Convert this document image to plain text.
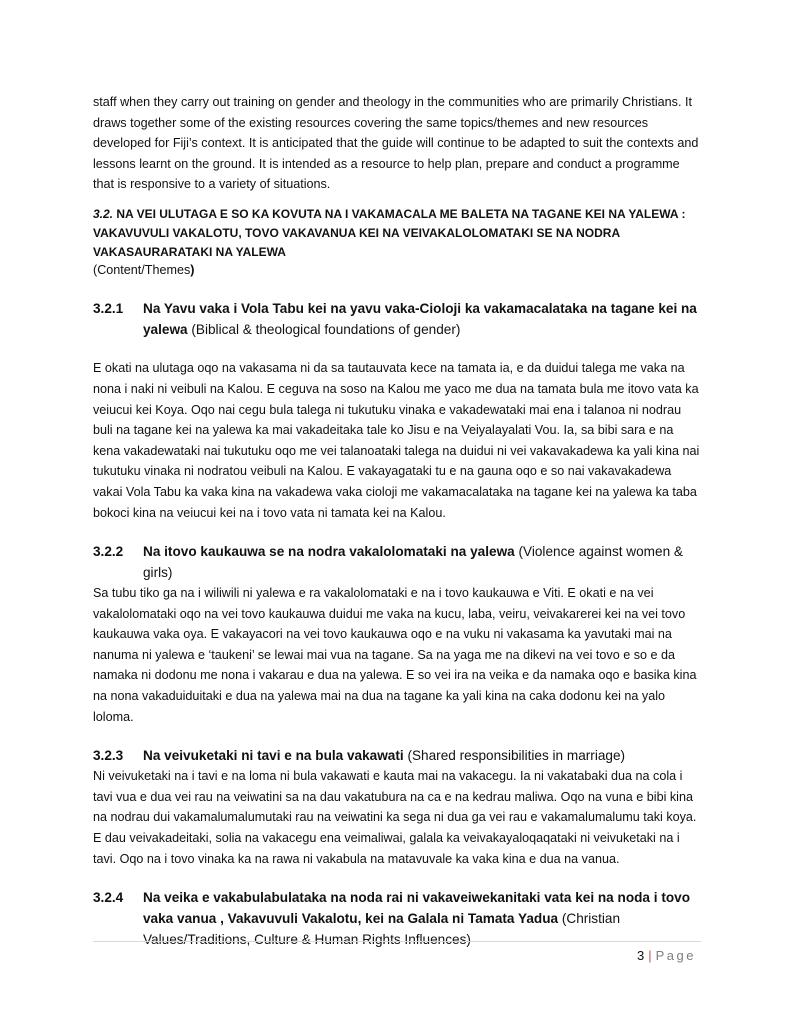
staff when they carry out training on gender and theology in the communities who are primarily Christians. It draws together some of the existing resources covering the same topics/themes and new resources developed for Fiji’s context. It is anticipated that the guide will continue to be adapted to suit the contexts and lessons learnt on the ground. It is intended as a resource to help plan, prepare and conduct a programme that is responsive to a variety of situations.

3.2. NA VEI ULUTAGA E SO KA KOVUTA NA I VAKAMACALA ME BALETA NA TAGANE KEI NA YALEWA : VAKAVUVULI VAKALOTU, TOVO VAKAVANUA KEI NA VEIVAKALOLOMATAKI SE NA NODRA VAKASAURARATAKI NA YALEWA
(Content/Themes)
3.2.1 Na Yavu vaka i Vola Tabu kei na yavu vaka-Cioloji ka vakamacalataka na tagane kei na yalewa (Biblical & theological foundations of gender)

E okati na ulutaga oqo na vakasama ni da sa tautauvata kece na tamata ia, e da duidui talega me vaka na nona i naki ni veibuli na Kalou. E ceguva na soso na Kalou me yaco me dua na tamata bula me itovo vata ka veiucui kei Koya. Oqo nai cegu bula talega ni tukutuku vinaka e vakadewataki mai ena i talanoa ni nodrau buli na tagane kei na yalewa ka mai vakadeitaka tale ko Jisu e na Veiyalayalati Vou. Ia, sa bibi sara e na kena vakadewataki nai tukutuku oqo me vei talanoataki talega na duidui ni vei vakavakadewa ka yali kina nai tukutuku vinaka ni nodratou veibuli na Kalou. E vakayagataki tu e na gauna oqo e so nai vakavakadewa vakai Vola Tabu ka vaka kina na vakadewa vaka cioloji me vakamacalataka na tagane kei na yalewa ka taba bokoci kina na veiucui kei na i tovo vata ni tamata kei na Kalou.

3.2.2 Na itovo kaukauwa se na nodra vakalolomataki na yalewa (Violence against women & girls)

Sa tubu tiko ga na i wiliwili ni yalewa e ra vakalolomataki e na i tovo kaukauwa e Viti. E okati e na vei vakalolomataki oqo na vei tovo kaukauwa duidui me vaka na kucu, laba, veiru, veivakarerei kei na vei tovo kaukauwa vaka oya. E vakayacori na vei tovo kaukauwa oqo e na vuku ni vakasama ka yavutaki mai na nanuma ni yalewa e ‘taukeni’ se lewai mai vua na tagane. Sa na yaga me na dikevi na vei tovo e so e da namaka ni dodonu me nona i vakarau e dua na yalewa. E so vei ira na veika e da namaka oqo e basika kina na nona vakaduiduitaki e dua na yalewa mai na dua na tagane ka yali kina na caka dodonu kei na yalo loloma.

3.2.3 Na veivuketaki ni tavi e na bula vakawati (Shared responsibilities in marriage)

Ni veivuketaki na i tavi e na loma ni bula vakawati e kauta mai na vakacegu. Ia ni vakatabaki dua na cola i tavi vua e dua vei rau na veiwatini sa na dau vakatubura na ca e na kedrau maliwa. Oqo na vuna e bibi kina na nodrau dui vakamalumalumutaki rau na veiwatini ka sega ni dua ga vei rau e vakamalumalumu taki koya. E dau veivakadeitaki, solia na vakacegu ena veimaliwai, galala ka veivakayaloqaqataki ni veivuketaki na i tavi. Oqo na i tovo vinaka ka na rawa ni vakabula na matavuvale ka vaka kina e dua na vanua.

3.2.4 Na veika e vakabulabulataka na noda rai ni vakaveiwekanitaki vata kei na noda i tovo vaka vanua , Vakavuvuli Vakalotu, kei na Galala ni Tamata Yadua (Christian Values/Traditions, Culture & Human Rights Influences)
3 | Page
